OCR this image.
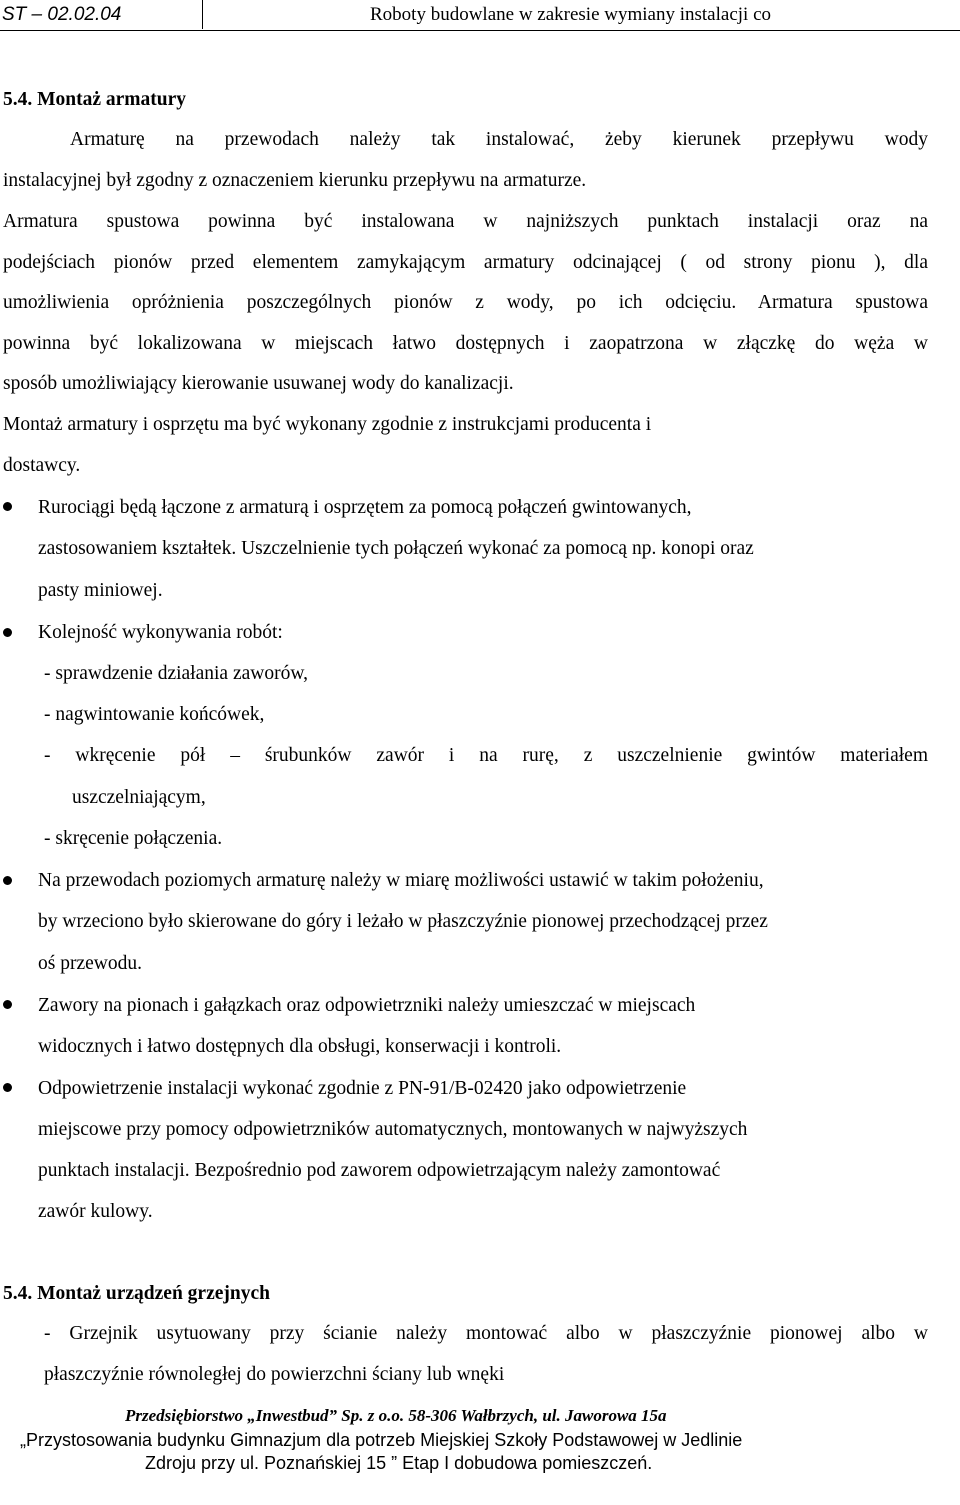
ST – 02.02.04	Roboty budowlane w zakresie wymiany instalacji co
5.4. Montaż armatury
Armaturę na przewodach należy tak instalować, żeby kierunek przepływu wody
instalacyjnej był zgodny z oznaczeniem kierunku przepływu na armaturze.
Armatura spustowa powinna być instalowana w najniższych punktach instalacji oraz na
podejściach pionów przed elementem zamykającym armatury odcinającej ( od strony pionu ), dla
umożliwienia opróżnienia poszczególnych pionów z wody, po ich odcięciu. Armatura spustowa
powinna być lokalizowana w miejscach łatwo dostępnych i zaopatrzona w złączkę do węża w
sposób umożliwiający kierowanie usuwanej wody do kanalizacji.
Montaż armatury i osprzętu ma być wykonany zgodnie z instrukcjami producenta i
dostawcy.
Rurociągi będą łączone z armaturą i osprzętem za pomocą połączeń gwintowanych,
zastosowaniem kształtek. Uszczelnienie tych połączeń wykonać za pomocą np. konopi oraz
pasty miniowej.
Kolejność wykonywania robót:
- sprawdzenie działania zaworów,
- nagwintowanie końcówek,
- wkręcenie pół – śrubunków zawór i na rurę, z uszczelnienie gwintów materiałem
uszczelniającym,
- skręcenie połączenia.
Na przewodach poziomych armaturę należy w miarę możliwości ustawić w takim położeniu,
by wrzeciono było skierowane do góry i leżało w płaszczyźnie pionowej przechodzącej przez
oś przewodu.
Zawory na pionach i gałązkach oraz odpowietrzniki należy umieszczać w miejscach
widocznych i łatwo dostępnych dla obsługi, konserwacji i kontroli.
Odpowietrzenie instalacji wykonać zgodnie z PN-91/B-02420 jako odpowietrzenie
miejscowe przy pomocy odpowietrzników automatycznych, montowanych w najwyższych
punktach instalacji. Bezpośrednio pod zaworem odpowietrzającym należy zamontować
zawór kulowy.
5.4. Montaż urządzeń grzejnych
- Grzejnik usytuowany przy ścianie należy montować albo w płaszczyźnie pionowej albo w
płaszczyźnie równoległej do powierzchni ściany lub wnęki
Przedsiębiorstwo „Inwestbud” Sp. z o.o. 58-306 Wałbrzych, ul. Jaworowa 15a
„Przystosowania budynku Gimnazjum dla potrzeb Miejskiej Szkoły Podstawowej w Jedlinie
Zdroju przy ul. Poznańskiej 15 ” Etap I dobudowa pomieszczeń.
